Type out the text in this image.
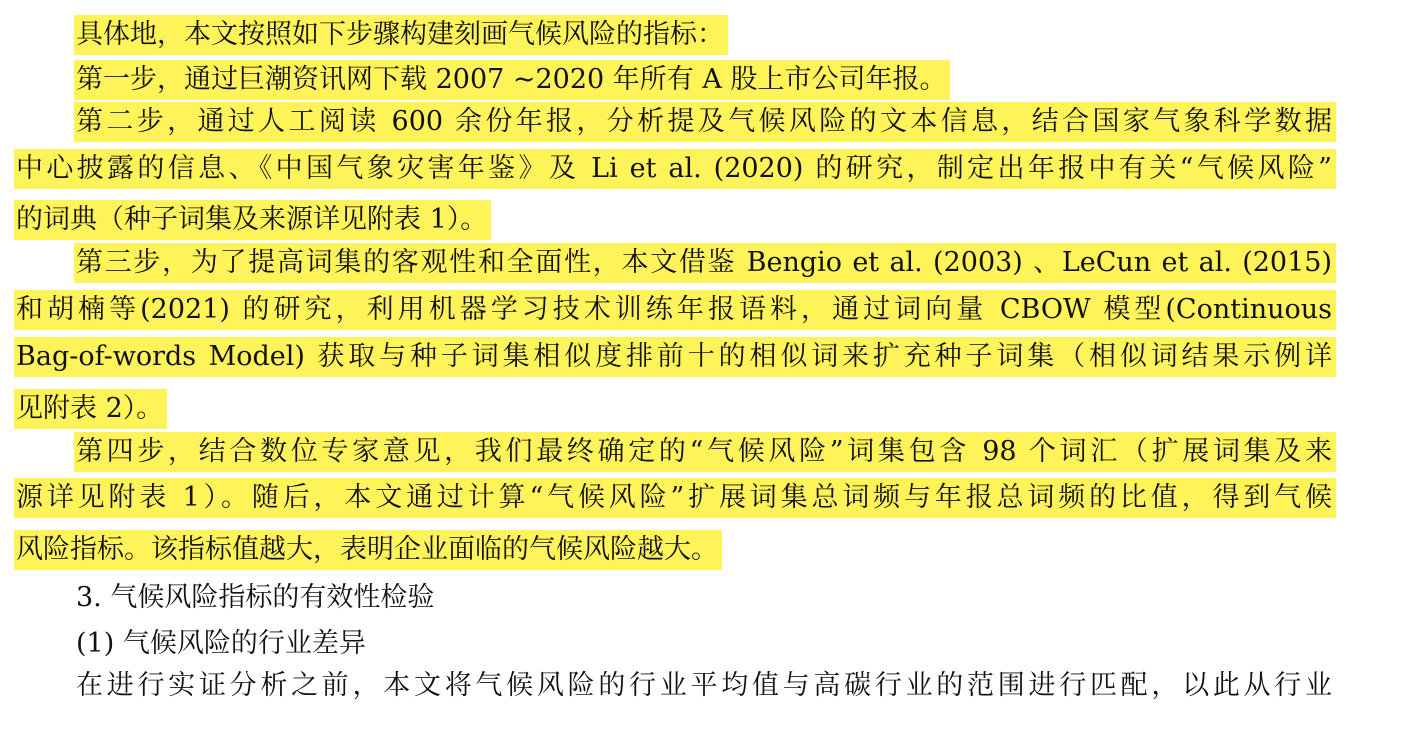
具体地，本文按照如下步骤构建刻画气候风险的指标：
第一步，通过巨潮资讯网下载 2007 ~2020 年所有 A 股上市公司年报。
第二步，通过人工阅读 600 余份年报，分析提及气候风险的文本信息，结合国家气象科学数据
中心披露的信息、《中国气象灾害年鉴》及 Li et al. (2020) 的研究，制定出年报中有关“气候风险”
的词典（种子词集及来源详见附表 1）。
第三步，为了提高词集的客观性和全面性，本文借鉴 Bengio et al. (2003) 、LeCun et al. (2015)
和胡楠等(2021) 的研究，利用机器学习技术训练年报语料，通过词向量 CBOW 模型(Continuous
Bag-of-words Model) 获取与种子词集相似度排前十的相似词来扩充种子词集（相似词结果示例详
见附表 2）。
第四步，结合数位专家意见，我们最终确定的“气候风险”词集包含 98 个词汇（扩展词集及来
源详见附表 1）。随后，本文通过计算“气候风险”扩展词集总词频与年报总词频的比值，得到气候
风险指标。该指标值越大，表明企业面临的气候风险越大。
3. 气候风险指标的有效性检验
(1) 气候风险的行业差异
在进行实证分析之前，本文将气候风险的行业平均值与高碳行业的范围进行匹配，以此从行业
